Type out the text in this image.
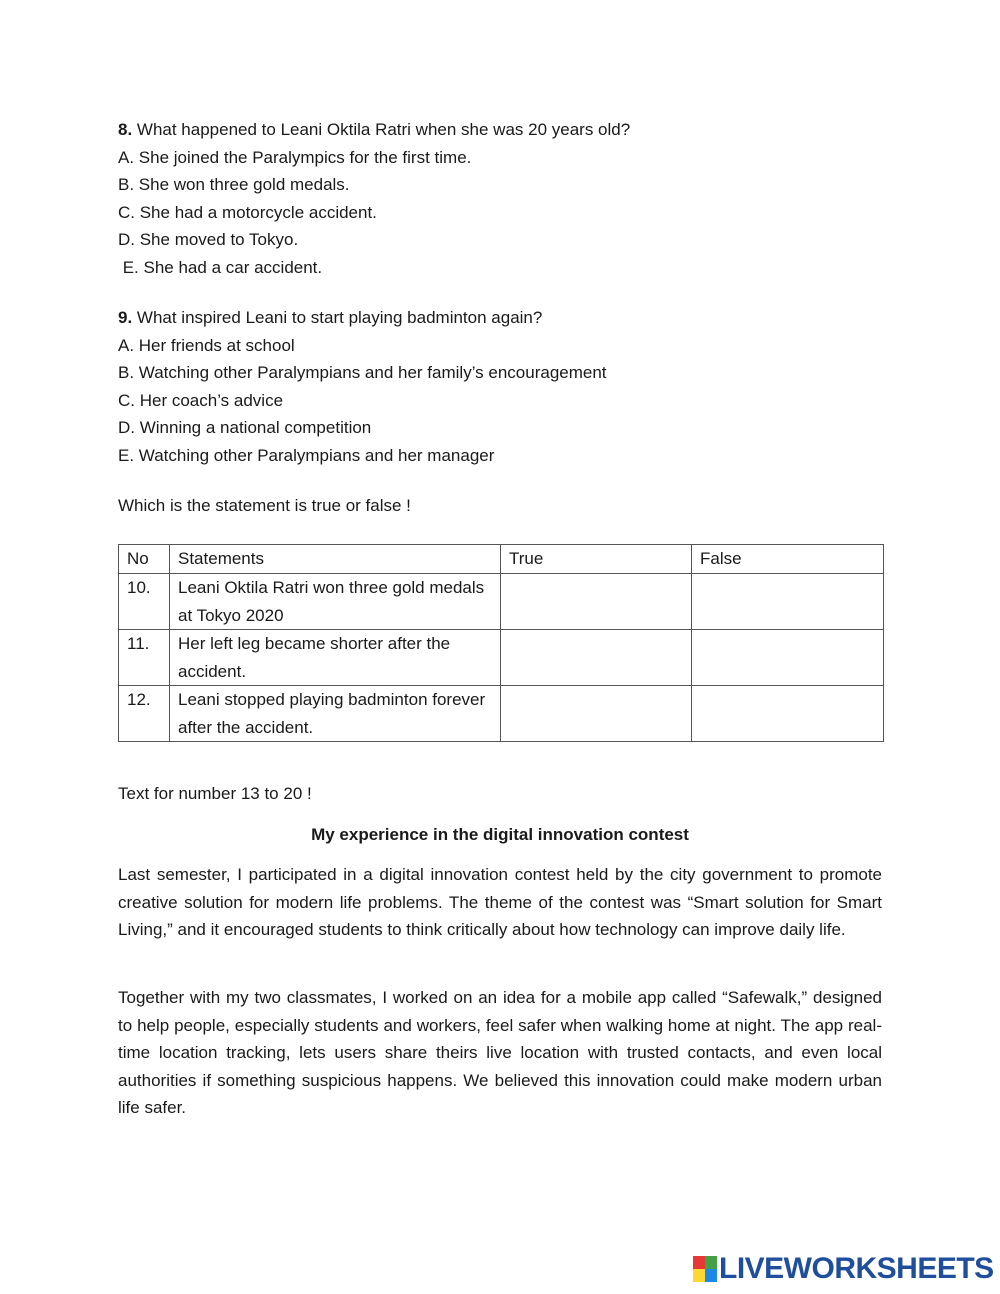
8. What happened to Leani Oktila Ratri when she was 20 years old?
A. She joined the Paralympics for the first time.
B. She won three gold medals.
C. She had a motorcycle accident.
D. She moved to Tokyo.
E. She had a car accident.
9. What inspired Leani to start playing badminton again?
A. Her friends at school
B. Watching other Paralympians and her family’s encouragement
C. Her coach’s advice
D. Winning a national competition
E. Watching other Paralympians and her manager
Which is the statement is true or false !
No	Statements	True	False
10.	Leani Oktila Ratri won three gold medals at Tokyo 2020		
11.	Her left leg became shorter after the accident.		
12.	Leani stopped playing badminton forever after the accident.		
Text for number 13 to 20 !
My experience in the digital innovation contest
Last semester, I participated in a digital innovation contest held by the city government to promote creative solution for modern life problems. The theme of the contest was “Smart solution for Smart Living,” and it encouraged students to think critically about how technology can improve daily life.
Together with my two classmates, I worked on an idea for a mobile app called “Safewalk,” designed to help people, especially students and workers, feel safer when walking home at night. The app real-time location tracking, lets users share theirs live location with trusted contacts, and even local authorities if something suspicious happens. We believed this innovation could make modern urban life safer.
LIVEWORKSHEETS
